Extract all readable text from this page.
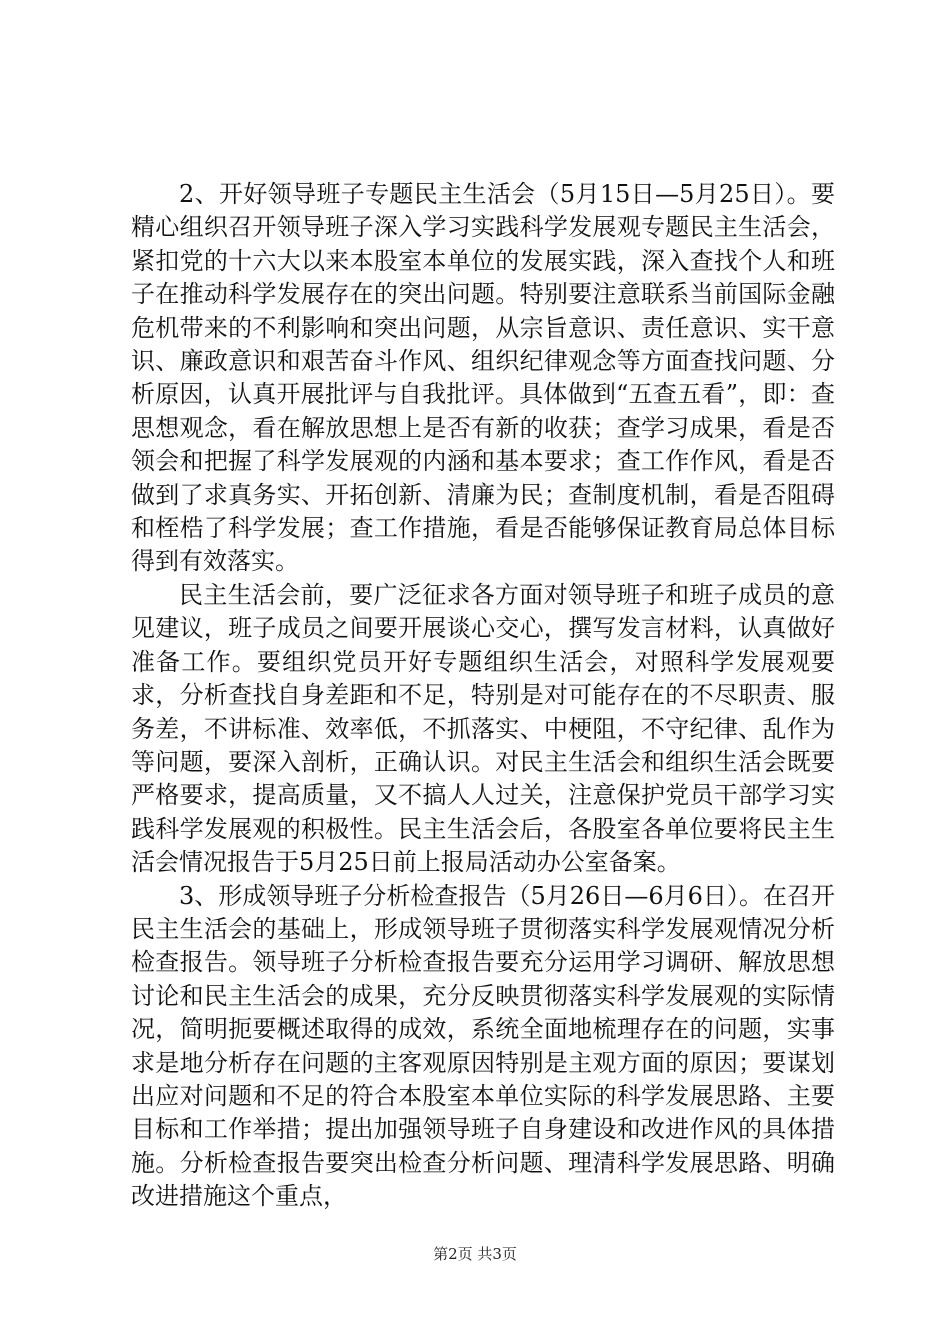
2、开好领导班子专题民主生活会（5月15日—5月25日）。要精心组织召开领导班子深入学习实践科学发展观专题民主生活会，紧扣党的十六大以来本股室本单位的发展实践，深入查找个人和班子在推动科学发展存在的突出问题。特别要注意联系当前国际金融危机带来的不利影响和突出问题，从宗旨意识、责任意识、实干意识、廉政意识和艰苦奋斗作风、组织纪律观念等方面查找问题、分析原因，认真开展批评与自我批评。具体做到“五查五看”，即：查思想观念，看在解放思想上是否有新的收获；查学习成果，看是否领会和把握了科学发展观的内涵和基本要求；查工作作风，看是否做到了求真务实、开拓创新、清廉为民；查制度机制，看是否阻碍和桎梏了科学发展；查工作措施，看是否能够保证教育局总体目标得到有效落实。

民主生活会前，要广泛征求各方面对领导班子和班子成员的意见建议，班子成员之间要开展谈心交心，撰写发言材料，认真做好准备工作。要组织党员开好专题组织生活会，对照科学发展观要求，分析查找自身差距和不足，特别是对可能存在的不尽职责、服务差，不讲标准、效率低，不抓落实、中梗阻，不守纪律、乱作为等问题，要深入剖析，正确认识。对民主生活会和组织生活会既要严格要求，提高质量，又不搞人人过关，注意保护党员干部学习实践科学发展观的积极性。民主生活会后，各股室各单位要将民主生活会情况报告于5月25日前上报局活动办公室备案。

3、形成领导班子分析检查报告（5月26日—6月6日）。在召开民主生活会的基础上，形成领导班子贯彻落实科学发展观情况分析检查报告。领导班子分析检查报告要充分运用学习调研、解放思想讨论和民主生活会的成果，充分反映贯彻落实科学发展观的实际情况，简明扼要概述取得的成效，系统全面地梳理存在的问题，实事求是地分析存在问题的主客观原因特别是主观方面的原因；要谋划出应对问题和不足的符合本股室本单位实际的科学发展思路、主要目标和工作举措；提出加强领导班子自身建设和改进作风的具体措施。分析检查报告要突出检查分析问题、理清科学发展思路、明确改进措施这个重点，

第2页 共3页
